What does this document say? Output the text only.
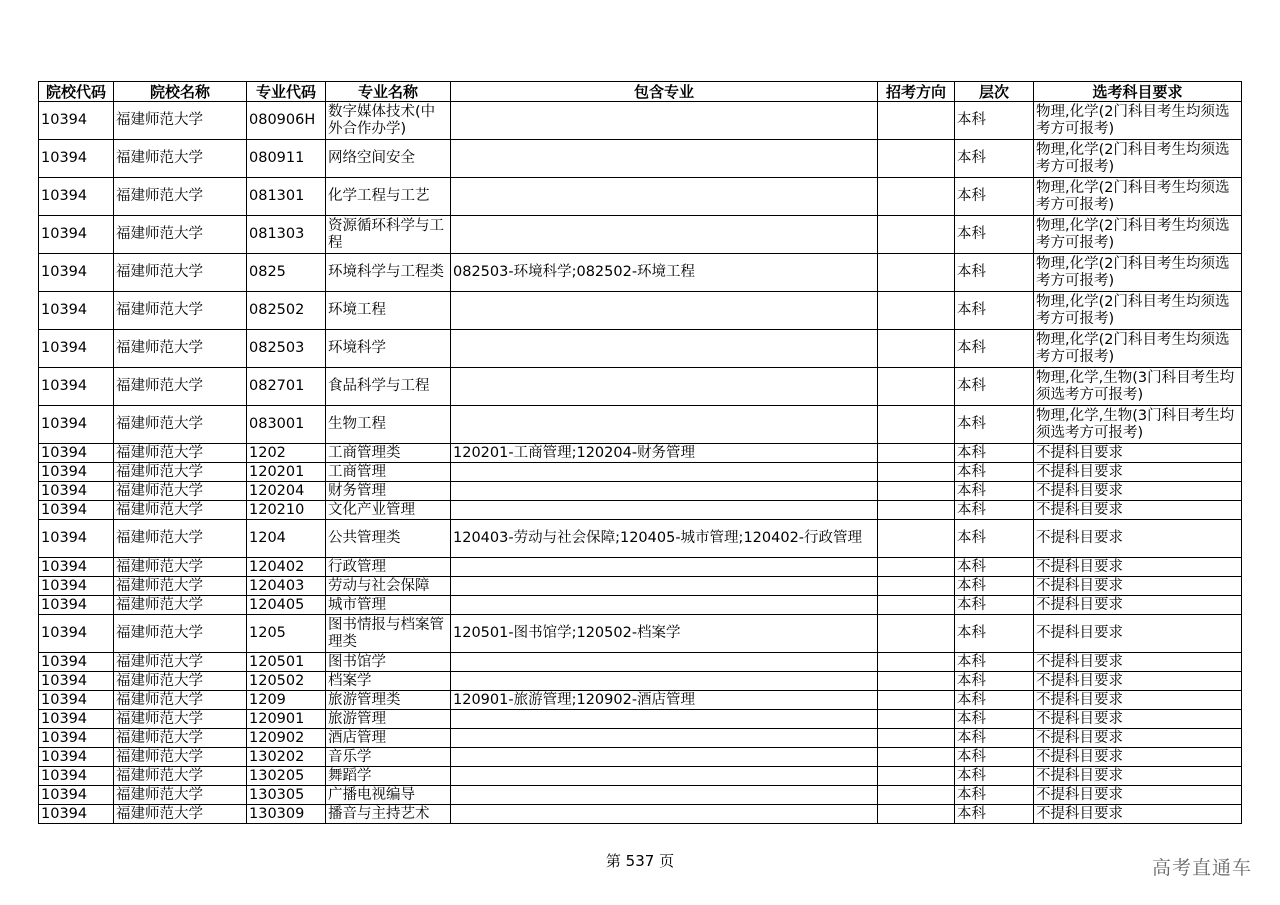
院校代码	院校名称	专业代码	专业名称	包含专业	招考方向	层次	选考科目要求
10394	福建师范大学	080906H	数字媒体技术(中外合作办学)			本科	物理,化学(2门科目考生均须选考方可报考)
10394	福建师范大学	080911	网络空间安全			本科	物理,化学(2门科目考生均须选考方可报考)
10394	福建师范大学	081301	化学工程与工艺			本科	物理,化学(2门科目考生均须选考方可报考)
10394	福建师范大学	081303	资源循环科学与工程			本科	物理,化学(2门科目考生均须选考方可报考)
10394	福建师范大学	0825	环境科学与工程类	082503-环境科学;082502-环境工程		本科	物理,化学(2门科目考生均须选考方可报考)
10394	福建师范大学	082502	环境工程			本科	物理,化学(2门科目考生均须选考方可报考)
10394	福建师范大学	082503	环境科学			本科	物理,化学(2门科目考生均须选考方可报考)
10394	福建师范大学	082701	食品科学与工程			本科	物理,化学,生物(3门科目考生均须选考方可报考)
10394	福建师范大学	083001	生物工程			本科	物理,化学,生物(3门科目考生均须选考方可报考)
10394	福建师范大学	1202	工商管理类	120201-工商管理;120204-财务管理		本科	不提科目要求
10394	福建师范大学	120201	工商管理			本科	不提科目要求
10394	福建师范大学	120204	财务管理			本科	不提科目要求
10394	福建师范大学	120210	文化产业管理			本科	不提科目要求
10394	福建师范大学	1204	公共管理类	120403-劳动与社会保障;120405-城市管理;120402-行政管理		本科	不提科目要求
10394	福建师范大学	120402	行政管理			本科	不提科目要求
10394	福建师范大学	120403	劳动与社会保障			本科	不提科目要求
10394	福建师范大学	120405	城市管理			本科	不提科目要求
10394	福建师范大学	1205	图书情报与档案管理类	120501-图书馆学;120502-档案学		本科	不提科目要求
10394	福建师范大学	120501	图书馆学			本科	不提科目要求
10394	福建师范大学	120502	档案学			本科	不提科目要求
10394	福建师范大学	1209	旅游管理类	120901-旅游管理;120902-酒店管理		本科	不提科目要求
10394	福建师范大学	120901	旅游管理			本科	不提科目要求
10394	福建师范大学	120902	酒店管理			本科	不提科目要求
10394	福建师范大学	130202	音乐学			本科	不提科目要求
10394	福建师范大学	130205	舞蹈学			本科	不提科目要求
10394	福建师范大学	130305	广播电视编导			本科	不提科目要求
10394	福建师范大学	130309	播音与主持艺术			本科	不提科目要求
第 537 页	高考直通车
